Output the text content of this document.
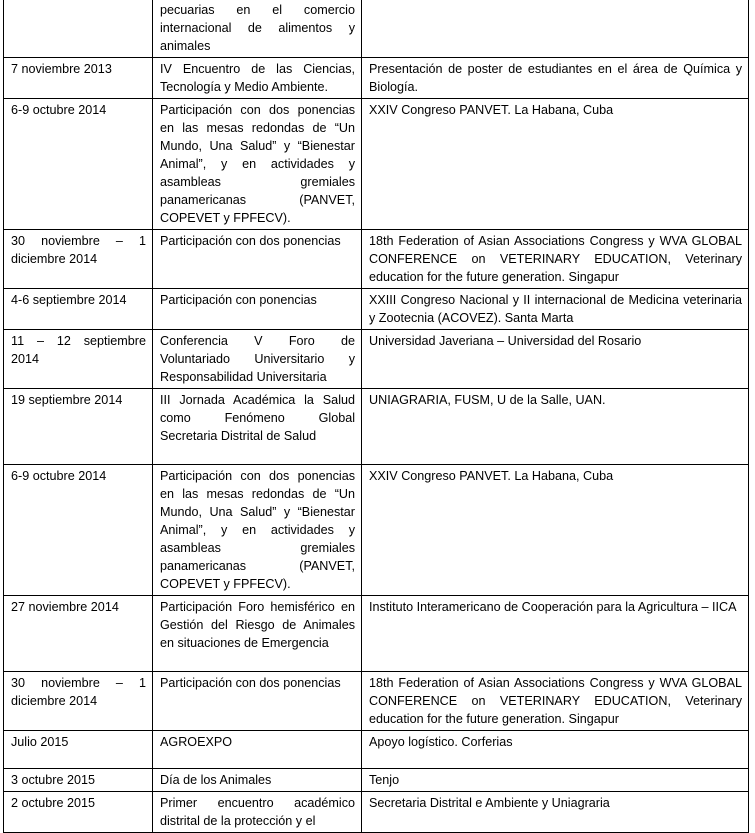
	pecuarias en el comercio internacional de alimentos y animales	
7 noviembre 2013	IV Encuentro de las Ciencias, Tecnología y Medio Ambiente.	Presentación de poster de estudiantes en el área de Química y Biología.
6-9 octubre 2014	Participación con dos ponencias en las mesas redondas de “Un Mundo, Una Salud” y “Bienestar Animal”, y en actividades y asambleas gremiales panamericanas (PANVET, COPEVET y FPFECV).	XXIV Congreso PANVET. La Habana, Cuba
30 noviembre – 1 diciembre 2014	Participación con dos ponencias	18th Federation of Asian Associations Congress y WVA GLOBAL CONFERENCE on VETERINARY EDUCATION, Veterinary education for the future generation. Singapur
4-6 septiembre 2014	Participación con ponencias	XXIII Congreso Nacional y II internacional de Medicina veterinaria y Zootecnia (ACOVEZ). Santa Marta
11 – 12 septiembre 2014	Conferencia V Foro de Voluntariado Universitario y Responsabilidad Universitaria	Universidad Javeriana – Universidad del Rosario
19 septiembre 2014	III Jornada Académica la Salud como Fenómeno Global Secretaria Distrital de Salud	UNIAGRARIA, FUSM, U de la Salle, UAN.
6-9 octubre 2014	Participación con dos ponencias en las mesas redondas de “Un Mundo, Una Salud” y “Bienestar Animal”, y en actividades y asambleas gremiales panamericanas (PANVET, COPEVET y FPFECV).	XXIV Congreso PANVET. La Habana, Cuba
27 noviembre 2014	Participación Foro hemisférico en Gestión del Riesgo de Animales en situaciones de Emergencia	Instituto Interamericano de Cooperación para la Agricultura – IICA
30 noviembre – 1 diciembre 2014	Participación con dos ponencias	18th Federation of Asian Associations Congress y WVA GLOBAL CONFERENCE on VETERINARY EDUCATION, Veterinary education for the future generation. Singapur
Julio 2015	AGROEXPO	Apoyo logístico. Corferias
3 octubre 2015	Día de los Animales	Tenjo
2 octubre 2015	Primer encuentro académico distrital de la protección y el	Secretaria Distrital e Ambiente y Uniagraria
